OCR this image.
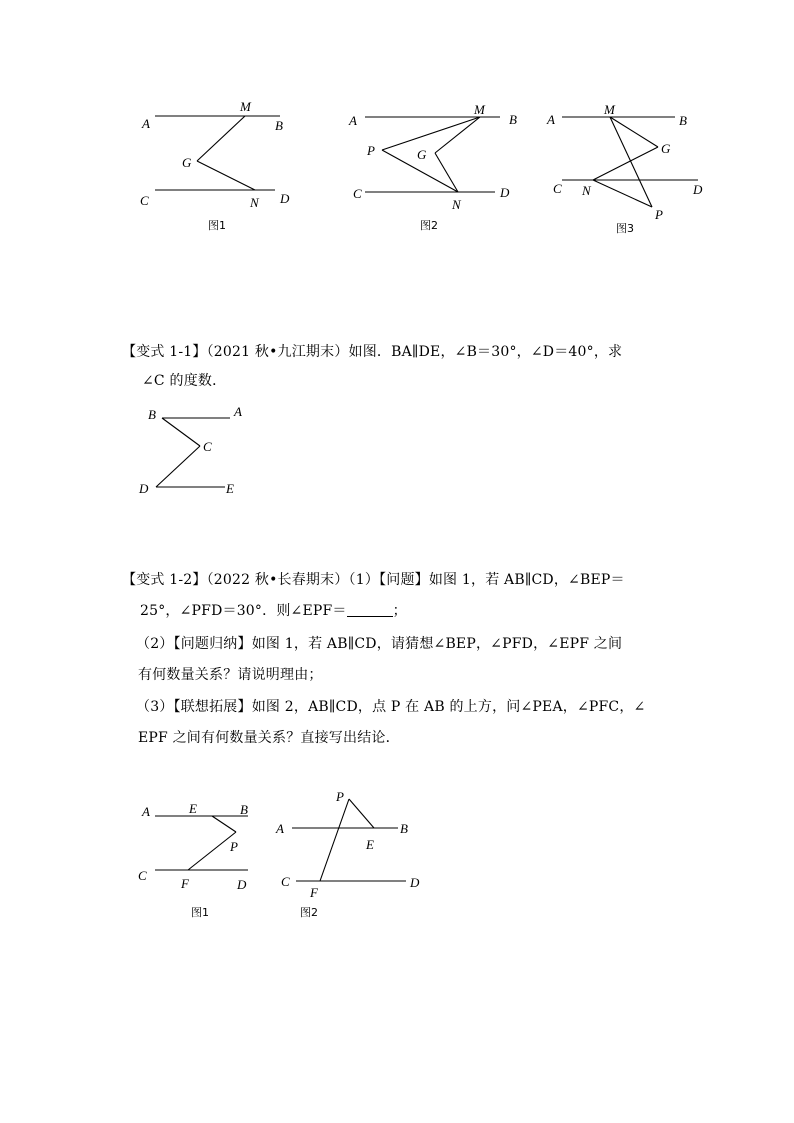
A
M
B
G
C	N D
图1
A
M
B
P	G
C
N
D
图2
A
M
B
G
C N	D
P
图3
【变式 1-1】（2021 秋•九江期末）如图．BA∥DE，∠B＝30°，∠D＝40°，求
∠C 的度数．
B	A
C
D	E
【变式 1-2】（2022 秋•长春期末）（1）【问题】如图 1，若 AB∥CD，∠BEP＝
25°，∠PFD＝30°．则∠EPF＝	；
（2）【问题归纳】如图 1，若 AB∥CD，请猜想∠BEP，∠PFD，∠EPF 之间
有何数量关系？请说明理由；
（3）【联想拓展】如图 2，AB∥CD，点 P 在 AB 的上方，问∠PEA，∠PFC，∠
EPF 之间有何数量关系？直接写出结论．
A	E	B
P
C
F	D
图1
P
A
E
B
C
F
D
图2
